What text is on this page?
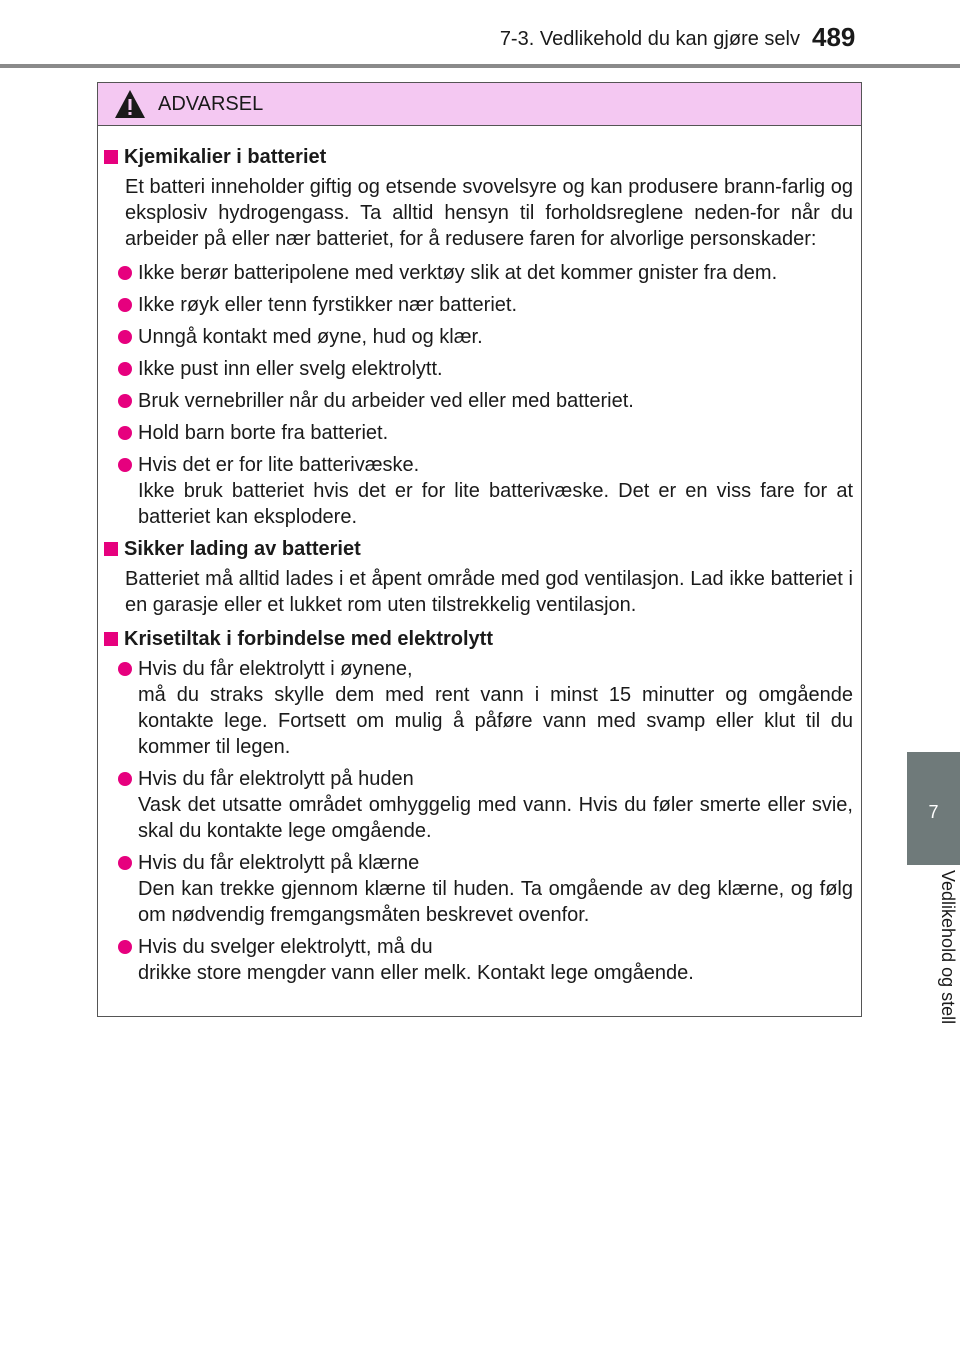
7-3. Vedlikehold du kan gjøre selv 489
7
Vedlikehold og stell
ADVARSEL
Kjemikalier i batteriet
Et batteri inneholder giftig og etsende svovelsyre og kan produsere brann-farlig og eksplosiv hydrogengass. Ta alltid hensyn til forholdsreglene neden-for når du arbeider på eller nær batteriet, for å redusere faren for alvorlige personskader:
Ikke berør batteripolene med verktøy slik at det kommer gnister fra dem.
Ikke røyk eller tenn fyrstikker nær batteriet.
Unngå kontakt med øyne, hud og klær.
Ikke pust inn eller svelg elektrolytt.
Bruk vernebriller når du arbeider ved eller med batteriet.
Hold barn borte fra batteriet.
Hvis det er for lite batterivæske.
Ikke bruk batteriet hvis det er for lite batterivæske. Det er en viss fare for at batteriet kan eksplodere.
Sikker lading av batteriet
Batteriet må alltid lades i et åpent område med god ventilasjon. Lad ikke batteriet i en garasje eller et lukket rom uten tilstrekkelig ventilasjon.
Krisetiltak i forbindelse med elektrolytt
Hvis du får elektrolytt i øynene,
må du straks skylle dem med rent vann i minst 15 minutter og omgående kontakte lege. Fortsett om mulig å påføre vann med svamp eller klut til du kommer til legen.
Hvis du får elektrolytt på huden
Vask det utsatte området omhyggelig med vann. Hvis du føler smerte eller svie, skal du kontakte lege omgående.
Hvis du får elektrolytt på klærne
Den kan trekke gjennom klærne til huden. Ta omgående av deg klærne, og følg om nødvendig fremgangsmåten beskrevet ovenfor.
Hvis du svelger elektrolytt, må du
drikke store mengder vann eller melk. Kontakt lege omgående.
